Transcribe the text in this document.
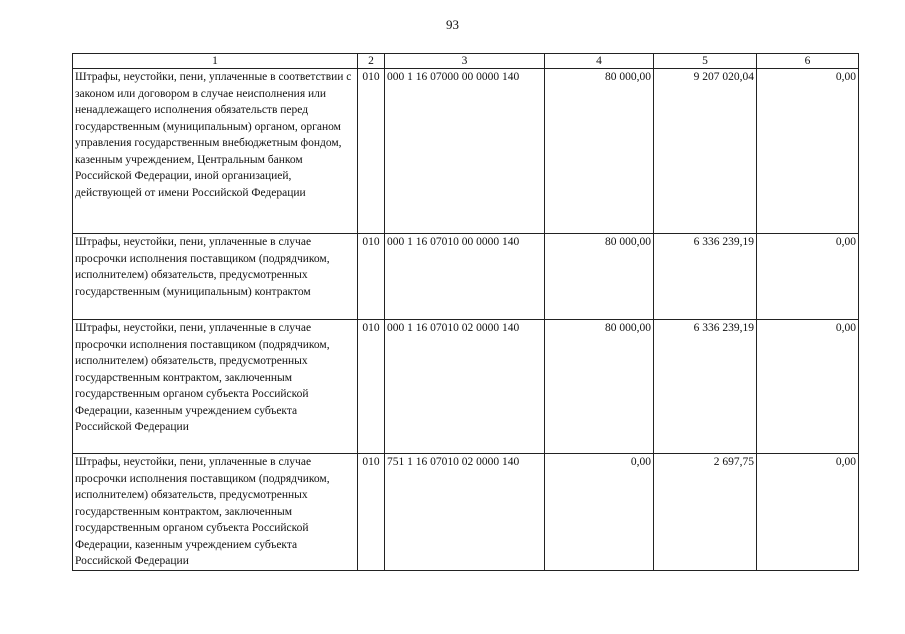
93
1	2	3	4	5	6
Штрафы, неустойки, пени, уплаченные в соответствии с законом или договором в случае неисполнения или ненадлежащего исполнения обязательств перед государственным (муниципальным) органом, органом управления государственным внебюджетным фондом, казенным учреждением, Центральным банком Российской Федерации, иной организацией, действующей от имени Российской Федерации	010	000 1 16 07000 00 0000 140	80 000,00	9 207 020,04	0,00
Штрафы, неустойки, пени, уплаченные в случае просрочки исполнения поставщиком (подрядчиком, исполнителем) обязательств, предусмотренных государственным (муниципальным) контрактом	010	000 1 16 07010 00 0000 140	80 000,00	6 336 239,19	0,00
Штрафы, неустойки, пени, уплаченные в случае просрочки исполнения поставщиком (подрядчиком, исполнителем) обязательств, предусмотренных государственным контрактом, заключенным государственным органом субъекта Российской Федерации, казенным учреждением субъекта Российской Федерации	010	000 1 16 07010 02 0000 140	80 000,00	6 336 239,19	0,00
Штрафы, неустойки, пени, уплаченные в случае просрочки исполнения поставщиком (подрядчиком, исполнителем) обязательств, предусмотренных государственным контрактом, заключенным государственным органом субъекта Российской Федерации, казенным учреждением субъекта Российской Федерации	010	751 1 16 07010 02 0000 140	0,00	2 697,75	0,00
